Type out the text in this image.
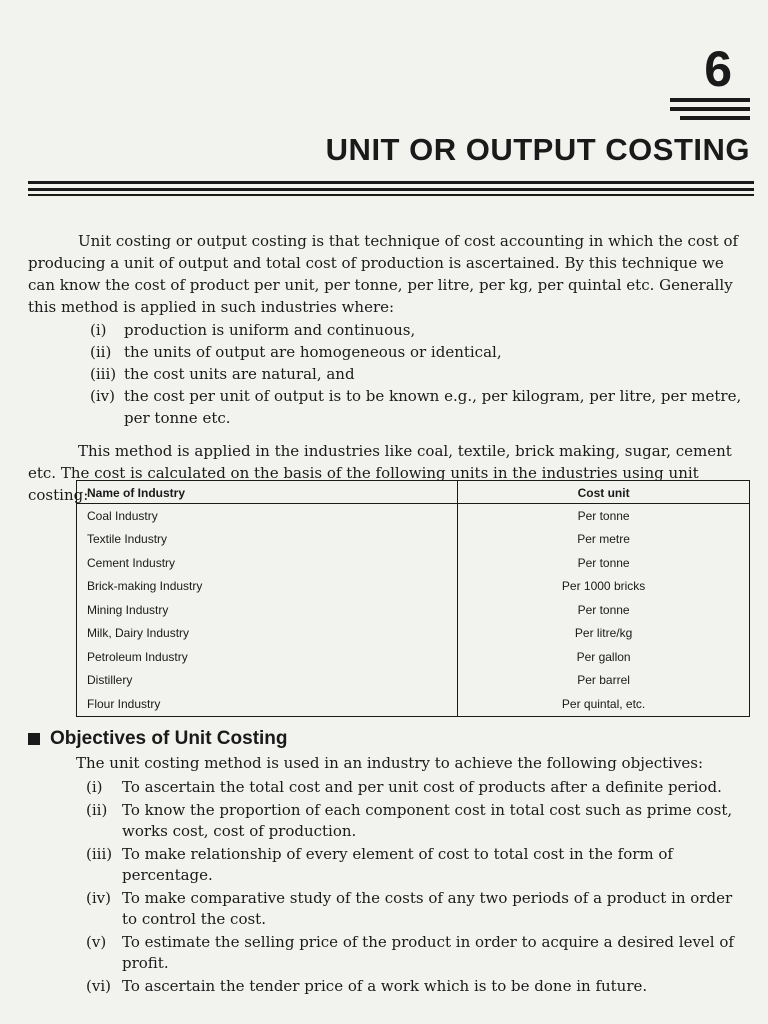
6
UNIT OR OUTPUT COSTING

Unit costing or output costing is that technique of cost accounting in which the cost of producing a unit of output and total cost of production is ascertained. By this technique we can know the cost of product per unit, per tonne, per litre, per kg, per quintal etc. Generally this method is applied in such industries where:

(i)	production is uniform and continuous,
(ii) the units of output are homogeneous or identical,
(iii) the cost units are natural, and
(iv) the cost per unit of output is to be known e.g., per kilogram, per litre, per metre, per tonne etc.

This method is applied in the industries like coal, textile, brick making, sugar, cement etc. The cost is calculated on the basis of the following units in the industries using unit costing:

Name of Industry	Cost unit
Coal Industry	Per tonne
Textile Industry	Per metre
Cement Industry	Per tonne
Brick-making Industry	Per 1000 bricks
Mining Industry	Per tonne
Milk, Dairy Industry	Per litre/kg
Petroleum Industry	Per gallon
Distillery	Per barrel
Flour Industry	Per quintal, etc.
Objectives of Unit Costing

The unit costing method is used in an industry to achieve the following objectives:

(i)	To ascertain the total cost and per unit cost of products after a definite period.
(ii) To know the proportion of each component cost in total cost such as prime cost, works cost, cost of production.
(iii) To make relationship of every element of cost to total cost in the form of percentage.
(iv) To make comparative study of the costs of any two periods of a product in order to control the cost.
(v)	To estimate the selling price of the product in order to acquire a desired level of profit.
(vi) To ascertain the tender price of a work which is to be done in future.
